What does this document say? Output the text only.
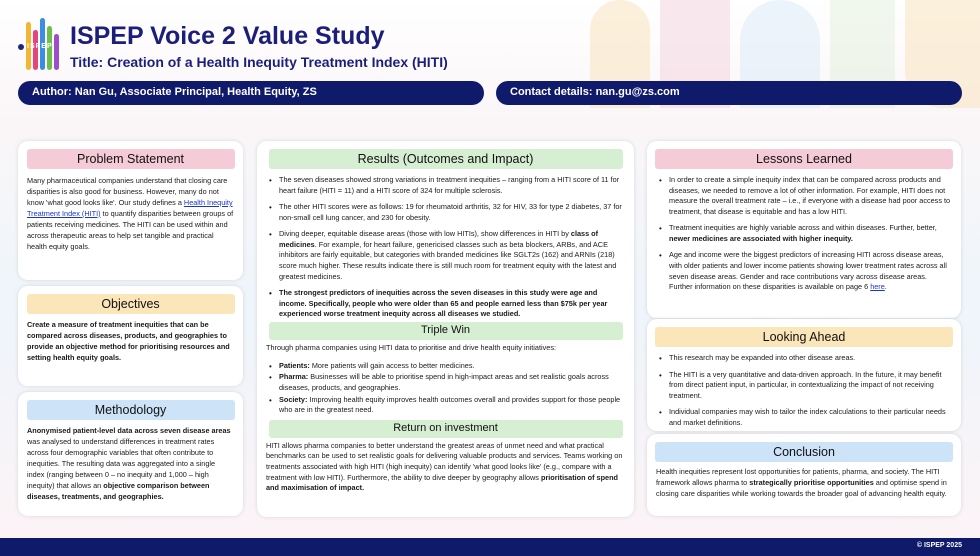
ISPEP ISPEP Voice 2 Value Study
Title: Creation of a Health Inequity Treatment Index (HITI)
Author: Nan Gu, Associate Principal, Health Equity, ZS	Contact details: nan.gu@zs.com
Problem Statement
Many pharmaceutical companies understand that closing care disparities is also good for business. However, many do not know 'what good looks like'. Our study defines a Health Inequity Treatment Index (HITI) to quantify disparities between groups of patients receiving medicines. The HITI can be used within and across therapeutic areas to help set tangible and practical health equity goals.
Objectives
Create a measure of treatment inequities that can be compared across diseases, products, and geographies to provide an objective method for prioritising resources and setting health equity goals.
Methodology
Anonymised patient-level data across seven disease areas was analysed to understand differences in treatment rates across four demographic variables that often contribute to inequities. The resulting data was aggregated into a single index (ranging between 0 – no inequity and 1,000 – high inequity) that allows an objective comparison between diseases, treatments, and geographies.
Results (Outcomes and Impact)
• The seven diseases showed strong variations in treatment inequities – ranging from a HITI score of 11 for heart failure (HITI = 11) and a HITI score of 324 for multiple sclerosis.
• The other HITI scores were as follows: 19 for rheumatoid arthritis, 32 for HIV, 33 for type 2 diabetes, 37 for non-small cell lung cancer, and 230 for obesity.
• Diving deeper, equitable disease areas (those with low HITIs), show differences in HITI by class of medicines. For example, for heart failure, genericised classes such as beta blockers, ARBs, and ACE inhibitors are fairly equitable, but categories with branded medicines like SGLT2s (162) and ARNIs (218) score much higher. These results indicate there is still much room for treatment equity with the latest and greatest medicines.
• The strongest predictors of inequities across the seven diseases in this study were age and income. Specifically, people who were older than 65 and people earned less than $75k per year experienced worse treatment inequity across all diseases we studied.
Triple Win
Through pharma companies using HITI data to prioritise and drive health equity initiatives:
• Patients: More patients will gain access to better medicines.
• Pharma: Businesses will be able to prioritise spend in high-impact areas and set realistic goals across diseases, products, and geographies.
• Society: Improving health equity improves health outcomes overall and provides support for those people who are in the greatest need.
Return on investment
HITI allows pharma companies to better understand the greatest areas of unmet need and what practical benchmarks can be used to set realistic goals for delivering valuable products and services. Teams working on treatments associated with high HITI (high inequity) can identify 'what good looks like' (e.g., compare with a treatment with low HITI). Furthermore, the ability to dive deeper by geography allows prioritisation of spend and maximisation of impact.
Lessons Learned
• In order to create a simple inequity index that can be compared across products and diseases, we needed to remove a lot of other information. For example, HITI does not measure the overall treatment rate – i.e., if everyone with a disease had poor access to treatment, that disease is equitable and has a low HITI.
• Treatment inequities are highly variable across and within diseases. Further, better, newer medicines are associated with higher inequity.
• Age and income were the biggest predictors of increasing HITI across disease areas, with older patients and lower income patients showing lower treatment rates across all seven disease areas. Gender and race contributions vary across disease areas. Further information on these disparities is available on page 6 here.
Looking Ahead
• This research may be expanded into other disease areas.
• The HITI is a very quantitative and data-driven approach. In the future, it may benefit from direct patient input, in particular, in contextualizing the impact of not receiving treatment.
• Individual companies may wish to tailor the index calculations to their particular needs and market definitions.
Conclusion
Health inequities represent lost opportunities for patients, pharma, and society. The HITI framework allows pharma to strategically prioritise opportunities and optimise spend in closing care disparities while working towards the broader goal of advancing health equity.
© ISPEP 2025
